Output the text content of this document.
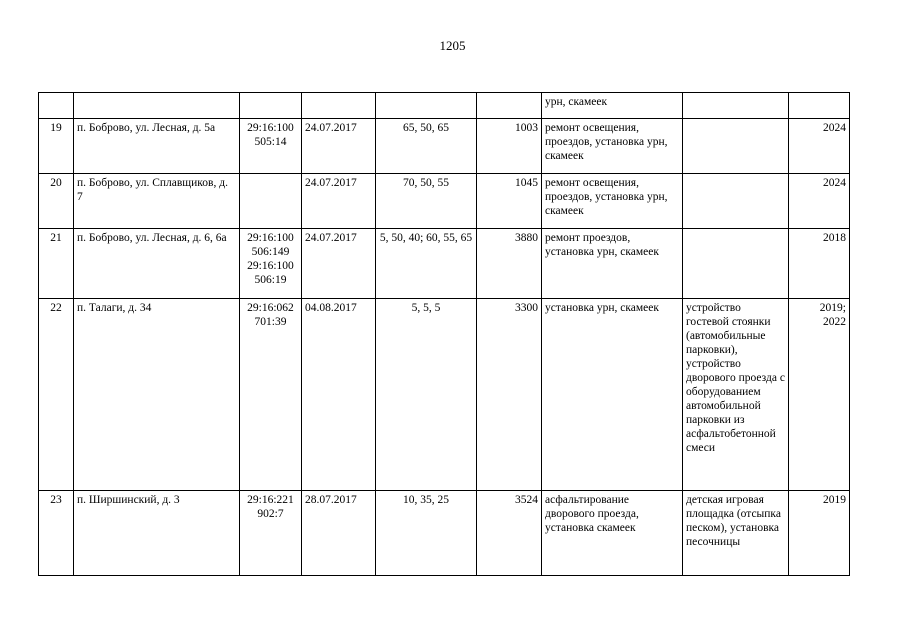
1205
						урн, скамеек		
19	п. Боброво, ул. Лесная, д. 5а	29:16:100
505:14	24.07.2017	65, 50, 65	1003	ремонт освещения, проездов, установка урн, скамеек		2024

20	п. Боброво, ул. Сплавщиков, д. 7		24.07.2017	70, 50, 55	1045	ремонт освещения, проездов, установка урн, скамеек		2024

21	п. Боброво, ул. Лесная, д. 6, 6а	29:16:100
506:149
29:16:100
506:19	24.07.2017	5, 50, 40; 60, 55, 65	3880	ремонт проездов, установка урн, скамеек		2018

22	п. Талаги, д. 34	29:16:062
701:39	04.08.2017	5, 5, 5	3300	установка урн, скамеек	устройство гостевой стоянки (автомобильные парковки), устройство дворового проезда с оборудованием автомобильной парковки из асфальтобетонной смеси	2019;
2022

23	п. Ширшинский, д. 3	29:16:221
902:7	28.07.2017	10, 35, 25	3524	асфальтирование дворового проезда, установка скамеек	детская игровая площадка (отсыпка песком), установка песочницы	2019
